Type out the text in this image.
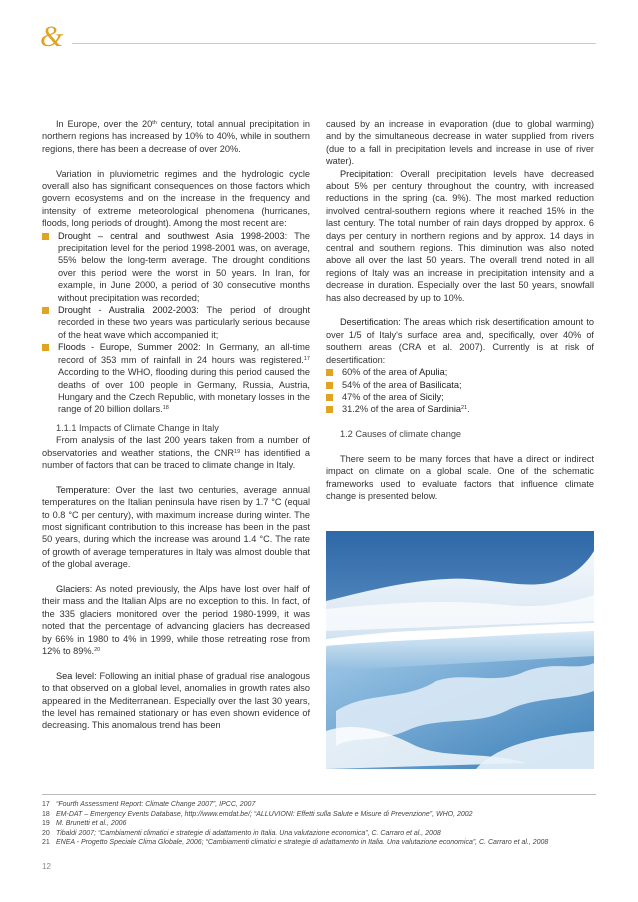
&

In Europe, over the 20th century, total annual precipitation in northern regions has increased by 10% to 40%, while in southern regions, there has been a decrease of over 20%.

Variation in pluviometric regimes and the hydrologic cycle overall also has significant consequences on those factors which govern ecosystems and on the increase in the frequency and intensity of extreme meteorological phenomena (hurricanes, floods, long periods of drought). Among the most recent are:

Drought – central and southwest Asia 1998-2003: The precipitation level for the period 1998-2001 was, on average, 55% below the long-term average. The drought conditions over this period were the worst in 50 years. In Iran, for example, in June 2000, a period of 30 consecutive months without precipitation was recorded;
Drought - Australia 2002-2003: The period of drought recorded in these two years was particularly serious because of the heat wave which accompanied it;
Floods - Europe, Summer 2002: In Germany, an all-time record of 353 mm of rainfall in 24 hours was registered.$^{17}$ According to the WHO, flooding during this period caused the deaths of over 100 people in Germany, Russia, Austria, Hungary and the Czech Republic, with monetary losses in the range of 20 billion dollars.$^{18}$

1.1.1 Impacts of Climate Change in Italy

From analysis of the last 200 years taken from a number of observatories and weather stations, the CNR$^{19}$ has identified a number of factors that can be traced to climate change in Italy.

Temperature: Over the last two centuries, average annual temperatures on the Italian peninsula have risen by 1.7 °C (equal to 0.8 °C per century), with maximum increase during winter. The most significant contribution to this increase has been in the past 50 years, during which the increase was around 1.4 °C. The rate of growth of average temperatures in Italy was almost double that of the global average.

Glaciers: As noted previously, the Alps have lost over half of their mass and the Italian Alps are no exception to this. In fact, of the 335 glaciers monitored over the period 1980-1999, it was noted that the percentage of advancing glaciers has decreased by 66% in 1980 to 4% in 1999, while those retreating rose from 12% to 89%.$^{20}$

Sea level: Following an initial phase of gradual rise analogous to that observed on a global level, anomalies in growth rates also appeared in the Mediterranean. Especially over the last 30 years, the level has remained stationary or has even shown evidence of decreasing. This anomalous trend has been

caused by an increase in evaporation (due to global warming) and by the simultaneous decrease in water supplied from rivers (due to a fall in precipitation levels and increase in use of river water).

Precipitation: Overall precipitation levels have decreased about 5% per century throughout the country, with increased reductions in the spring (ca. 9%). The most marked reduction involved central-southern regions where it reached 15% in the last century. The total number of rain days dropped by approx. 6 days per century in northern regions and by approx. 14 days in central and southern regions. This diminution was also noted above all over the last 50 years. The overall trend noted in all regions of Italy was an increase in precipitation intensity and a decrease in duration. Especially over the last 50 years, snowfall has also decreased by up to 10%.

Desertification: The areas which risk desertification amount to over 1/5 of Italy's surface area and, specifically, over 40% of southern areas (CRA et al. 2007). Currently is at risk of desertification:

60% of the area of Apulia;
54% of the area of Basilicata;
47% of the area of Sicily;
31.2% of the area of Sardinia$^{21}$.

1.2 Causes of climate change

There seem to be many forces that have a direct or indirect impact on climate on a global scale. One of the schematic frameworks used to evaluate factors that influence climate change is presented below.

17 “Fourth Assessment Report: Climate Change 2007”, IPCC, 2007
18 EM-DAT – Emergency Events Database, http://www.emdat.be/; “ALLUVIONI: Effetti sulla Salute e Misure di Prevenzione”, WHO, 2002
19 M. Brunetti et al., 2006
20 Tibaldi 2007; “Cambiamenti climatici e strategie di adattamento in Italia. Una valutazione economica”, C. Carraro et al., 2008
21 ENEA - Progetto Speciale Clima Globale, 2006; “Cambiamenti climatici e strategie di adattamento in Italia. Una valutazione economica”, C. Carraro et al., 2008
12
